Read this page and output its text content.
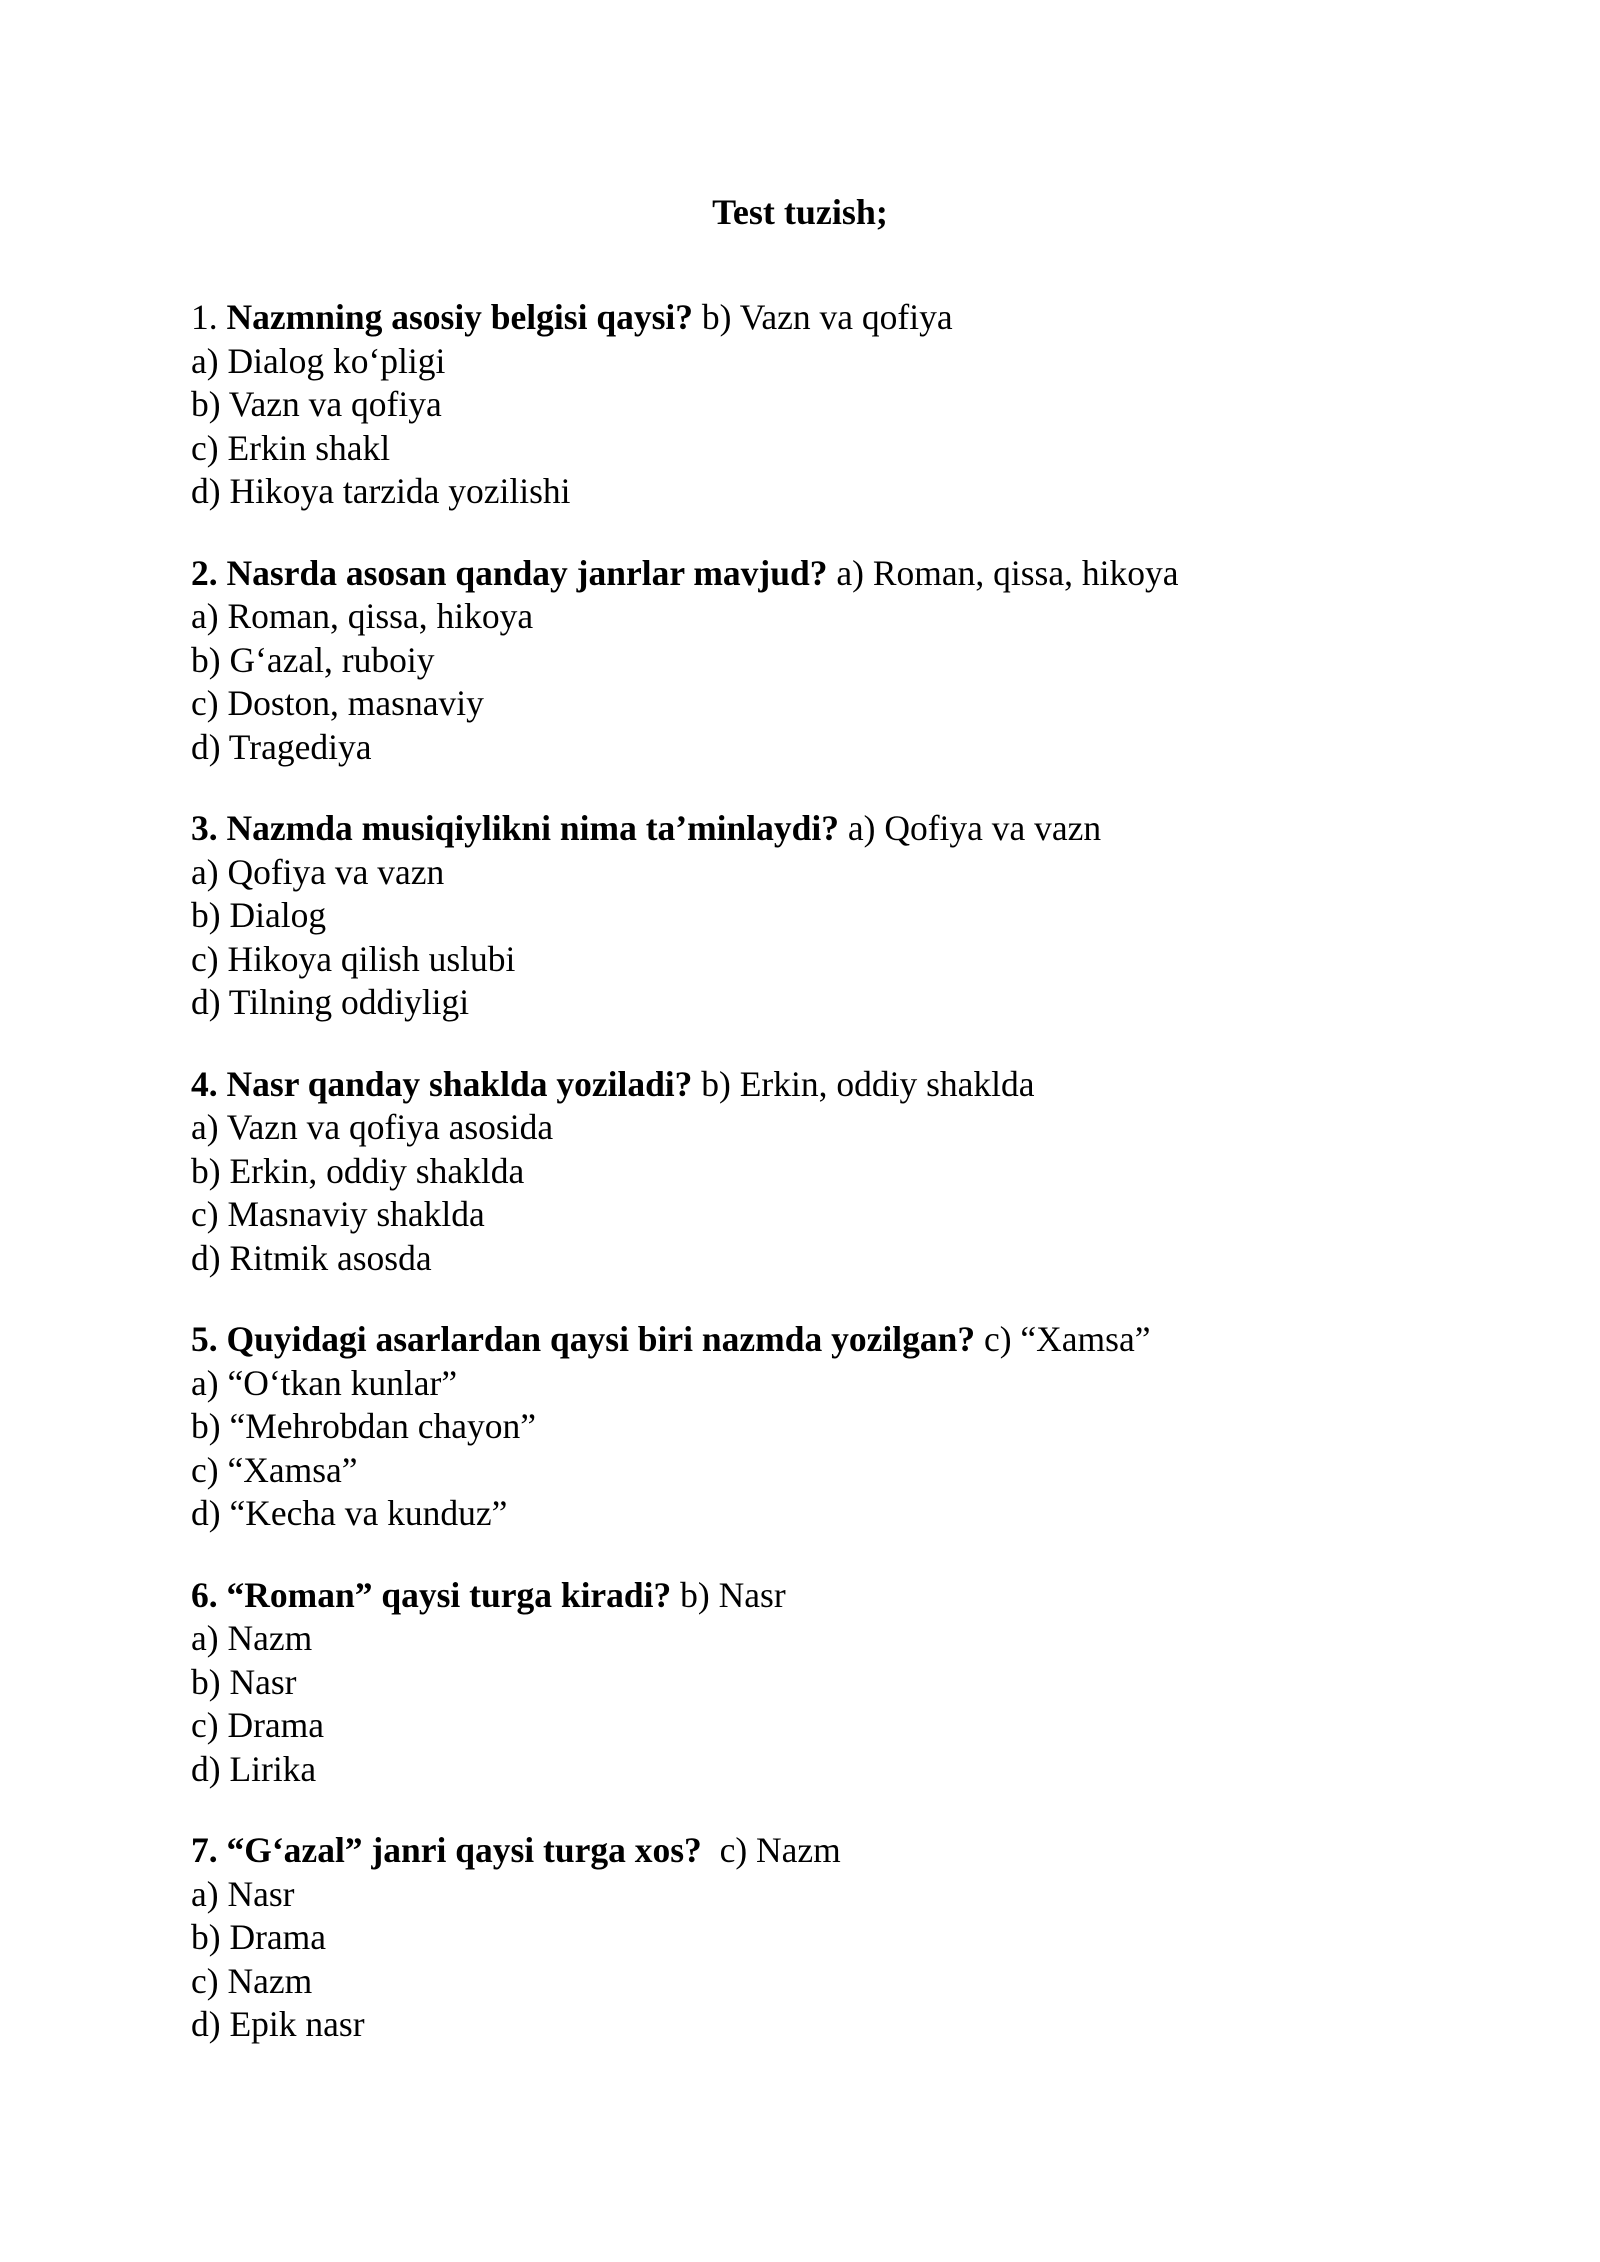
Test tuzish;
1. Nazmning asosiy belgisi qaysi? b) Vazn va qofiya
a) Dialog ko‘pligi
b) Vazn va qofiya
c) Erkin shakl
d) Hikoya tarzida yozilishi
2. Nasrda asosan qanday janrlar mavjud? a) Roman, qissa, hikoya
a) Roman, qissa, hikoya
b) G‘azal, ruboiy
c) Doston, masnaviy
d) Tragediya
3. Nazmda musiqiylikni nima ta’minlaydi? a) Qofiya va vazn
a) Qofiya va vazn
b) Dialog
c) Hikoya qilish uslubi
d) Tilning oddiyligi
4. Nasr qanday shaklda yoziladi? b) Erkin, oddiy shaklda
a) Vazn va qofiya asosida
b) Erkin, oddiy shaklda
c) Masnaviy shaklda
d) Ritmik asosda
5. Quyidagi asarlardan qaysi biri nazmda yozilgan? c) “Xamsa”
a) “O‘tkan kunlar”
b) “Mehrobdan chayon”
c) “Xamsa”
d) “Kecha va kunduz”
6. “Roman” qaysi turga kiradi? b) Nasr
a) Nazm
b) Nasr
c) Drama
d) Lirika
7. “G‘azal” janri qaysi turga xos?  c) Nazm
a) Nasr
b) Drama
c) Nazm
d) Epik nasr
